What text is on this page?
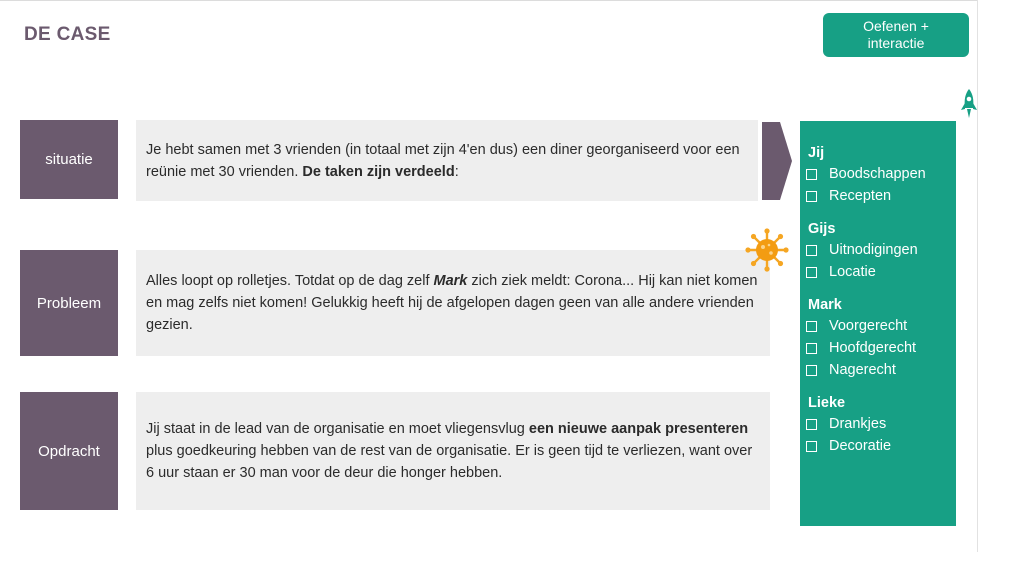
DE CASE	Oefenen + interactie
situatie

Je hebt samen met 3 vrienden (in totaal met zijn 4'en dus) een diner georganiseerd voor een reünie met 30 vrienden. De taken zijn verdeeld:

Probleem

Alles loopt op rolletjes. Totdat op de dag zelf Mark zich ziek meldt: Corona... Hij kan niet komen en mag zelfs niet komen! Gelukkig heeft hij de afgelopen dagen geen van alle andere vrienden gezien.

Opdracht

Jij staat in de lead van de organisatie en moet vliegensvlug een nieuwe aanpak presenteren plus goedkeuring hebben van de rest van de organisatie. Er is geen tijd te verliezen, want over 6 uur staan er 30 man voor de deur die honger hebben.

Jij
Boodschappen
Recepten
Gijs
Uitnodigingen
Locatie
Mark
Voorgerecht
Hoofdgerecht
Nagerecht
Lieke
Drankjes
Decoratie
